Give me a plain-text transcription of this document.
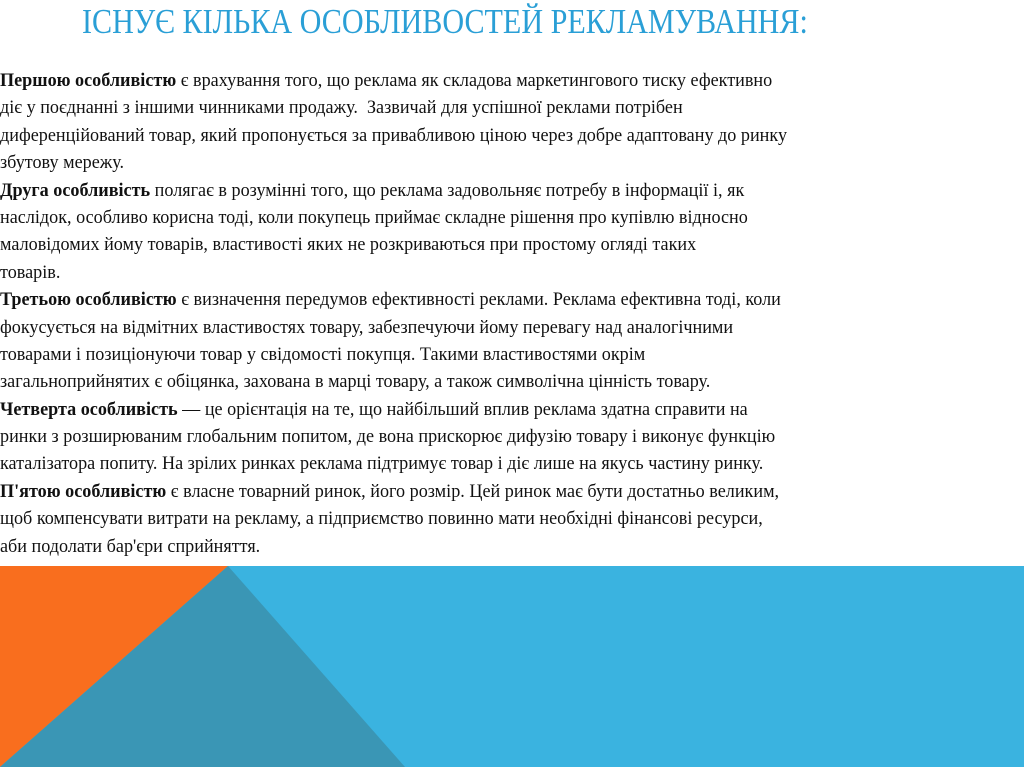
ІСНУЄ КІЛЬКА ОСОБЛИВОСТЕЙ РЕКЛАМУВАННЯ:
Першою особливістю є врахування того, що реклама як складова маркетингового тиску ефективно
діє у поєднанні з іншими чинниками продажу.  Зазвичай для успішної реклами потрібен
диференційований товар, який пропонується за привабливою ціною через добре адаптовану до ринку
збутову мережу.
Друга особливість полягає в розумінні того, що реклама задовольняє потребу в інформації і, як
наслідок, особливо корисна тоді, коли покупець приймає складне рішення про купівлю відносно
маловідомих йому товарів, властивості яких не розкриваються при простому огляді таких
товарів.
Третьою особливістю є визначення передумов ефективності реклами. Реклама ефективна тоді, коли
фокусується на відмітних властивостях товару, забезпечуючи йому перевагу над аналогічними
товарами і позиціонуючи товар у свідомості покупця. Такими властивостями окрім
загальноприйнятих є обіцянка, захована в марці товару, а також символічна цінність товару.
Четверта особливість — це орієнтація на те, що найбільший вплив реклама здатна справити на
ринки з розширюваним глобальним попитом, де вона прискорює дифузію товару і виконує функцію
каталізатора попиту. На зрілих ринках реклама підтримує товар і діє лише на якусь частину ринку.
П'ятою особливістю є власне товарний ринок, його розмір. Цей ринок має бути достатньо великим,
щоб компенсувати витрати на рекламу, а підприємство повинно мати необхідні фінансові ресурси,
аби подолати бар'єри сприйняття.
